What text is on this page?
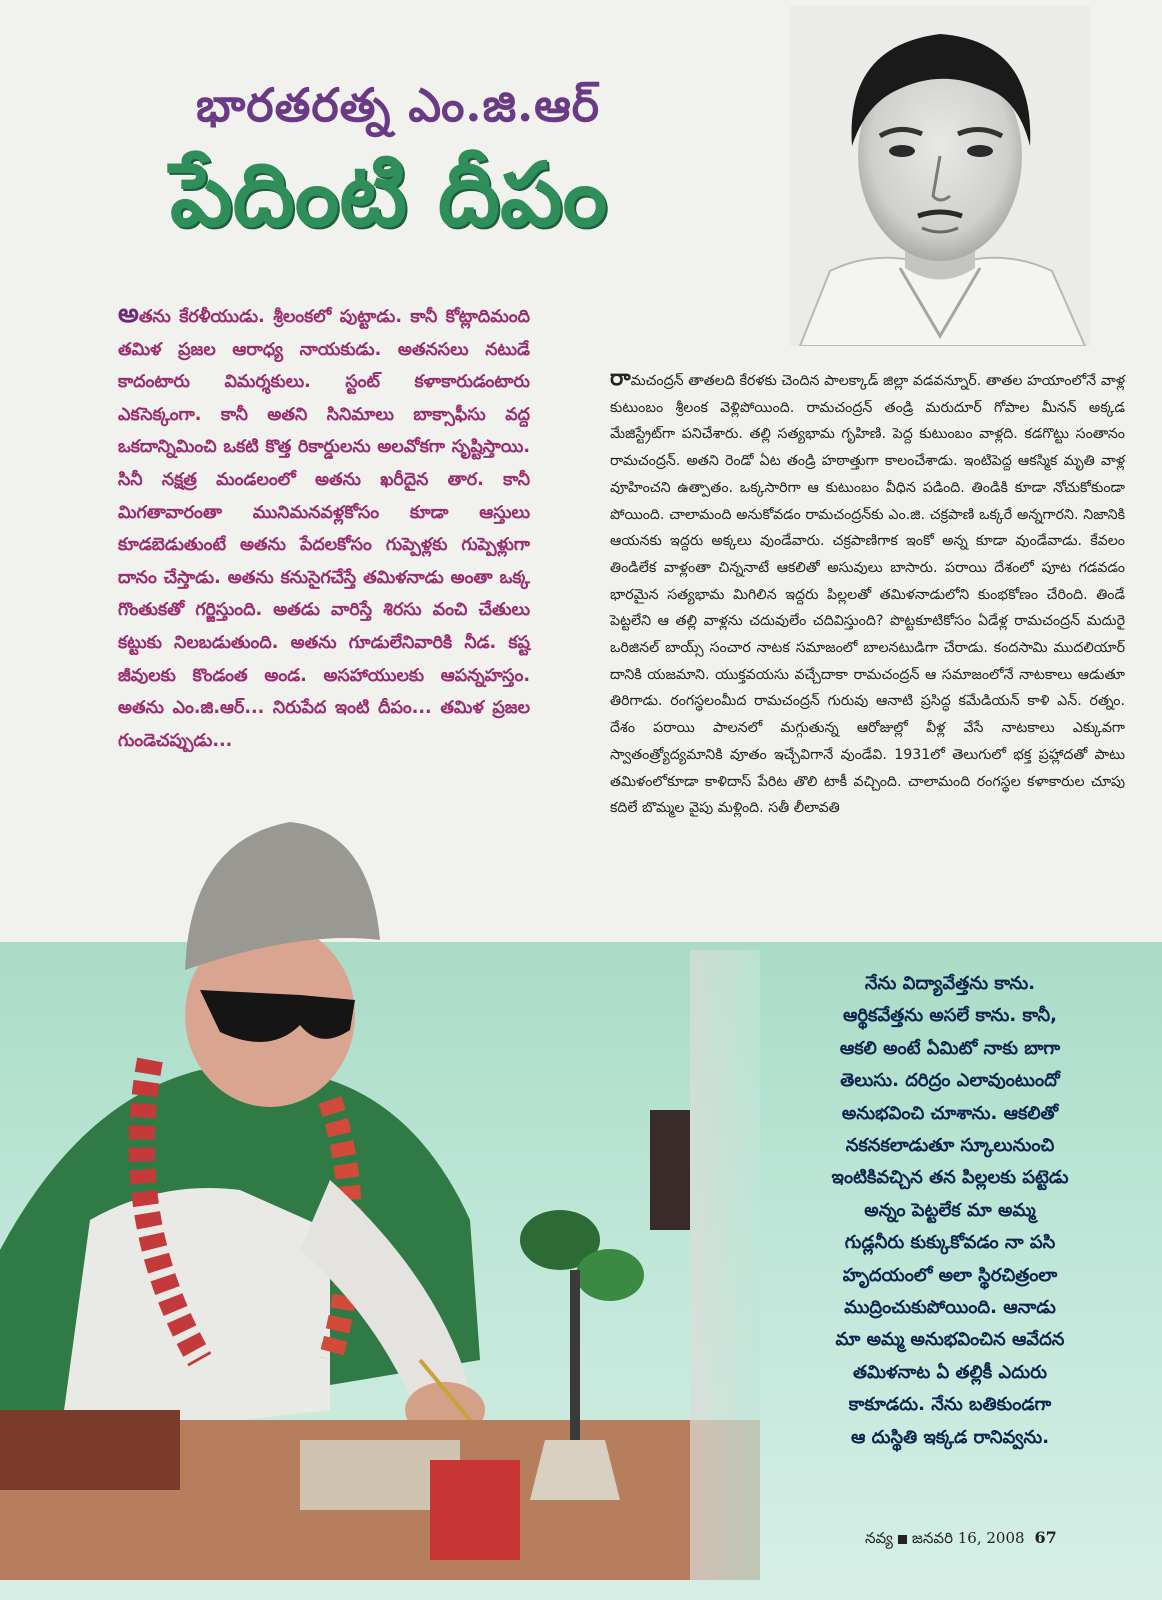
భారతరత్న ఎం.జి.ఆర్
పేదింటి దీపం
అతను కేరళీయుడు. శ్రీలంకలో పుట్టాడు. కానీ కోట్లాదిమంది తమిళ ప్రజల ఆరాధ్య నాయకుడు. అతనసలు నటుడే కాదంటారు విమర్శకులు. స్టంట్ కళాకారుడంటారు ఎకసెక్కంగా. కానీ అతని సినిమాలు బాక్సాఫీసు వద్ద ఒకదాన్నిమించి ఒకటి కొత్త రికార్డులను అలవోకగా సృష్టిస్తాయి. సినీ నక్షత్ర మండలంలో అతను ఖరీదైన తార. కానీ మిగతావారంతా మునిమనవళ్లకోసం కూడా ఆస్తులు కూడబెడుతుంటే అతను పేదలకోసం గుప్పెళ్లకు గుప్పెళ్లుగా దానం చేస్తాడు. అతను కనుసైగచేస్తే తమిళనాడు అంతా ఒక్క గొంతుకతో గర్జిస్తుంది. అతడు వారిస్తే శిరసు వంచి చేతులు కట్టుకు నిలబడుతుంది. అతను గూడులేనివారికి నీడ. కష్ట జీవులకు కొండంత అండ. అసహాయులకు ఆపన్నహస్తం. అతను ఎం.జి.ఆర్... నిరుపేద ఇంటి దీపం... తమిళ ప్రజల గుండెచప్పుడు...
రామచంద్రన్ తాతలది కేరళకు చెందిన పాలక్కాడ్ జిల్లా వడవన్నూర్. తాతల హయాంలోనే వాళ్ల కుటుంబం శ్రీలంక వెళ్లిపోయింది. రామచంద్రన్ తండ్రి మరుదూర్ గోపాల మీనన్ అక్కడ మేజిస్ట్రేట్‌గా పనిచేశారు. తల్లి సత్యభామ గృహిణి. పెద్ద కుటుంబం వాళ్లది. కడగొట్టు సంతానం రామచంద్రన్. అతని రెండో ఏట తండ్రి హఠాత్తుగా కాలంచేశాడు. ఇంటిపెద్ద ఆకస్మిక మృతి వాళ్ల వూహించని ఉత్పాతం. ఒక్కసారిగా ఆ కుటుంబం వీధిన పడింది. తిండికి కూడా నోచుకోకుండా పోయింది. చాలామంది అనుకోవడం రామచంద్రన్‌కు ఎం.జి. చక్రపాణి ఒక్కరే అన్నగారని. నిజానికి ఆయనకు ఇద్దరు అక్కలు వుండేవారు. చక్రపాణిగాక ఇంకో అన్న కూడా వుండేవాడు. కేవలం తిండిలేక వాళ్లంతా చిన్ననాటే ఆకలితో అసువులు బాసారు. పరాయి దేశంలో పూట గడవడం భారమైన సత్యభామ మిగిలిన ఇద్దరు పిల్లలతో తమిళనాడులోని కుంభకోణం చేరింది. తిండే పెట్టలేని ఆ తల్లి వాళ్లను చదువులేం చదివిస్తుంది? పొట్టకూటికోసం ఏడేళ్ల రామచంద్రన్ మదురై ఒరిజినల్ బాయ్స్ సంచార నాటక సమాజంలో బాలనటుడిగా చేరాడు. కందసామి ముదలియార్ దానికి యజమాని. యుక్తవయసు వచ్చేదాకా రామచంద్రన్ ఆ సమాజంలోనే నాటకాలు ఆడుతూ తిరిగాడు. రంగస్థలంమీద రామచంద్రన్ గురువు ఆనాటి ప్రసిద్ధ కమేడియన్ కాళి ఎన్. రత్నం. దేశం పరాయి పాలనలో మగ్గుతున్న ఆరోజుల్లో వీళ్ల వేసే నాటకాలు ఎక్కువగా స్వాతంత్ర్యోద్యమానికి వూతం ఇచ్చేవిగానే వుండేవి. 1931లో తెలుగులో భక్త ప్రహ్లాదతో పాటు తమిళంలోకూడా కాళిదాస్ పేరిట తొలి టాకీ వచ్చింది. చాలామంది రంగస్థల కళాకారుల చూపు కదిలే బొమ్మల వైపు మళ్లింది. సతీ లీలావతి
నేను విద్యావేత్తను కాను.
ఆర్థికవేత్తను అసలే కాను. కానీ,
ఆకలి అంటే ఏమిటో నాకు బాగా
తెలుసు. దరిద్రం ఎలావుంటుందో
అనుభవించి చూశాను. ఆకలితో
నకనకలాడుతూ స్కూలునుంచి
ఇంటికివచ్చిన తన పిల్లలకు పట్టెడు
అన్నం పెట్టలేక మా అమ్మ
గుడ్లనీరు కుక్కుకోవడం నా పసి
హృదయంలో అలా స్థిరచిత్రంలా
ముద్రించుకుపోయింది. ఆనాడు
మా అమ్మ అనుభవించిన ఆవేదన
తమిళనాట ఏ తల్లికీ ఎదురు
కాకూడదు. నేను బతికుండగా
ఆ దుస్థితి ఇక్కడ రానివ్వను.
నవ్య జనవరి 16, 2008 67
